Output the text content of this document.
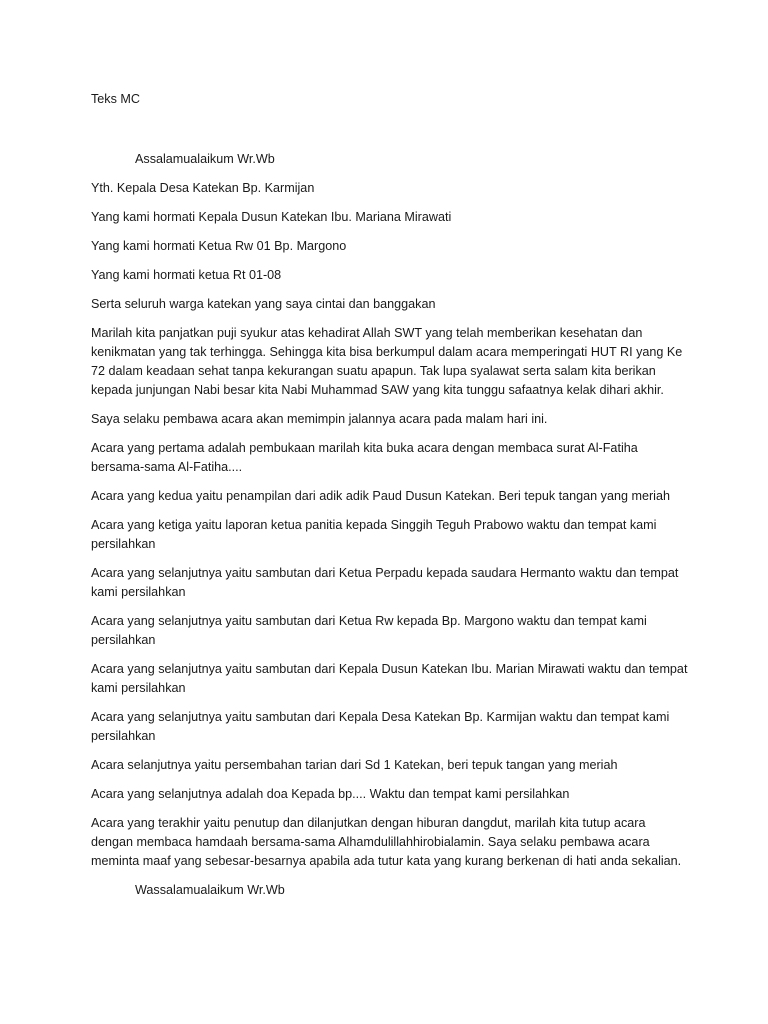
Teks MC

Assalamualaikum Wr.Wb

Yth. Kepala Desa Katekan Bp. Karmijan

Yang kami hormati Kepala Dusun Katekan Ibu. Mariana Mirawati

Yang kami hormati Ketua Rw 01 Bp. Margono

Yang kami hormati ketua Rt 01-08

Serta seluruh warga katekan yang saya cintai dan banggakan

Marilah kita panjatkan puji syukur atas kehadirat Allah SWT yang telah memberikan kesehatan dan kenikmatan yang tak terhingga. Sehingga kita bisa berkumpul dalam acara memperingati HUT RI yang Ke 72 dalam keadaan sehat tanpa kekurangan suatu apapun. Tak lupa syalawat serta salam kita berikan kepada junjungan Nabi besar kita Nabi Muhammad SAW yang kita tunggu safaatnya kelak dihari akhir.

Saya selaku pembawa acara akan memimpin jalannya acara pada malam hari ini.

Acara yang pertama adalah pembukaan marilah kita buka acara dengan membaca surat Al-Fatiha bersama-sama Al-Fatiha....

Acara yang kedua yaitu penampilan dari adik adik Paud Dusun Katekan. Beri tepuk tangan yang meriah

Acara yang ketiga yaitu laporan ketua panitia kepada Singgih Teguh Prabowo waktu dan tempat kami persilahkan

Acara yang selanjutnya yaitu sambutan dari Ketua Perpadu kepada saudara Hermanto waktu dan tempat kami persilahkan

Acara yang selanjutnya yaitu sambutan dari Ketua Rw kepada Bp. Margono waktu dan tempat kami persilahkan

Acara yang selanjutnya yaitu sambutan dari Kepala Dusun Katekan Ibu. Marian Mirawati waktu dan tempat kami persilahkan

Acara yang selanjutnya yaitu sambutan dari Kepala Desa Katekan Bp. Karmijan waktu dan tempat kami persilahkan

Acara selanjutnya yaitu persembahan tarian dari Sd 1 Katekan, beri tepuk tangan yang meriah

Acara yang selanjutnya adalah doa Kepada bp.... Waktu dan tempat kami persilahkan

Acara yang terakhir yaitu penutup dan dilanjutkan dengan hiburan dangdut, marilah kita tutup acara dengan membaca hamdaah bersama-sama Alhamdulillahhirobialamin. Saya selaku pembawa acara meminta maaf yang sebesar-besarnya apabila ada tutur kata yang kurang berkenan di hati anda sekalian.

Wassalamualaikum Wr.Wb
